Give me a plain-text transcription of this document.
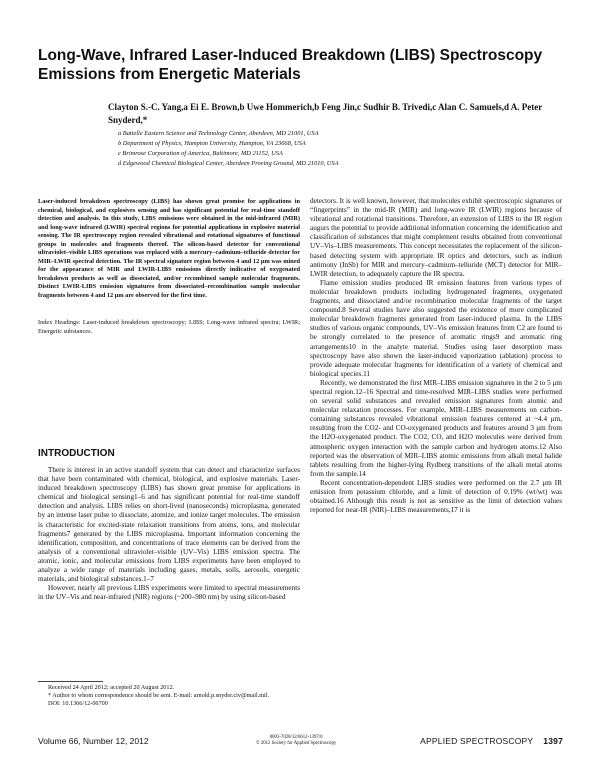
Long-Wave, Infrared Laser-Induced Breakdown (LIBS) Spectroscopy Emissions from Energetic Materials
Clayton S.-C. Yang,a Ei E. Brown,b Uwe Hommerich,b Feng Jin,c Sudhir B. Trivedi,c Alan C. Samuels,d A. Peter Snyderd,*
a Battelle Eastern Science and Technology Center, Aberdeen, MD 21001, USA
b Department of Physics, Hampton University, Hampton, VA 23668, USA
c Brimrose Corporation of America, Baltimore, MD 21152, USA
d Edgewood Chemical Biological Center, Aberdeen Proving Ground, MD 21010, USA
Laser-induced breakdown spectroscopy (LIBS) has shown great promise for applications in chemical, biological, and explosives sensing and has significant potential for real-time standoff detection and analysis. In this study, LIBS emissions were obtained in the mid-infrared (MIR) and long-wave infrared (LWIR) spectral regions for potential applications in explosive material sensing. The IR spectroscopy region revealed vibrational and rotational signatures of functional groups in molecules and fragments thereof. The silicon-based detector for conventional ultraviolet–visible LIBS operations was replaced with a mercury–cadmium–telluride detector for MIR–LWIR spectral detection. The IR spectral signature region between 4 and 12 μm was mined for the appearance of MIR and LWIR-LIBS emissions directly indicative of oxygenated breakdown products as well as dissociated, and/or recombined sample molecular fragments. Distinct LWIR-LIBS emission signatures from dissociated–recombination sample molecular fragments between 4 and 12 μm are observed for the first time.
Index Headings: Laser-induced breakdown spectroscopy; LIBS; Long-wave infrared spectra; LWIR; Energetic substances.
INTRODUCTION

There is interest in an active standoff system that can detect and characterize surfaces that have been contaminated with chemical, biological, and explosive materials. Laser-induced breakdown spectroscopy (LIBS) has shown great promise for applications in chemical and biological sensing1–6 and has significant potential for real-time standoff detection and analysis. LIBS relies on short-lived (nanoseconds) microplasma, generated by an intense laser pulse to dissociate, atomize, and ionize target molecules. The emission is characteristic for excited-state relaxation transitions from atoms, ions, and molecular fragments7 generated by the LIBS microplasma. Important information concerning the identification, composition, and concentrations of trace elements can be derived from the analysis of a conventional ultraviolet–visible (UV–Vis) LIBS emission spectra. The atomic, ionic, and molecular emissions from LIBS experiments have been employed to analyze a wide range of materials including gases, metals, soils, aerosols, energetic materials, and biological substances.1–7

However, nearly all previous LIBS experiments were limited to spectral measurements in the UV–Vis and near-infrared (NIR) regions (~200–980 nm) by using silicon-based

detectors. It is well known, however, that molecules exhibit spectroscopic signatures or “fingerprints” in the mid-IR (MIR) and long-wave IR (LWIR) regions because of vibrational and rotational transitions. Therefore, an extension of LIBS to the IR region augurs the potential to provide additional information concerning the identification and classification of substances that might complement results obtained from conventional UV–Vis–LIBS measurements. This concept necessitates the replacement of the silicon-based detecting system with appropriate IR optics and detectors, such as indium antimony (InSb) for MIR and mercury–cadmium–telluride (MCT) detector for MIR–LWIR detection, to adequately capture the IR spectra.

Flame emission studies produced IR emission features from various types of molecular breakdown products including hydrogenated fragments, oxygenated fragments, and dissociated and/or recombination molecular fragments of the target compound.8 Several studies have also suggested the existence of more complicated molecular breakdown fragments generated from laser-induced plasma. In the LIBS studies of various organic compounds, UV–Vis emission features from C2 are found to be strongly correlated to the presence of aromatic rings9 and aromatic ring arrangements10 in the analyte material. Studies using laser desorption mass spectroscopy have also shown the laser-induced vaporization (ablation) process to provide adequate molecular fragments for identification of a variety of chemical and biological species.11

Recently, we demonstrated the first MIR–LIBS emission signatures in the 2 to 5 μm spectral region.12–16 Spectral and time-resolved MIR–LIBS studies were performed on several solid substances and revealed emission signatures from atomic and molecular relaxation processes. For example, MIR–LIBS measurements on carbon-containing substances revealed vibrational emission features centered at ~4.4 μm, resulting from the CO2- and CO-oxygenated products and features around 3 μm from the H2O-oxygenated product. The CO2, CO, and H2O molecules were derived from atmospheric oxygen interaction with the sample carbon and hydrogen atoms.12 Also reported was the observation of MIR–LIBS atomic emissions from alkali metal halide tablets resulting from the higher-lying Rydberg transitions of the alkali metal atoms from the sample.14

Recent concentration-dependent LIBS studies were performed on the 2.7 μm IR emission from potassium chloride, and a limit of detection of 0.19% (wt/wt) was obtained.16 Although this result is not as sensitive as the limit of detection values reported for near-IR (NIR)–LIBS measurements,17 it is

Received 24 April 2012; accepted 20 August 2012.
* Author to whom correspondence should be sent. E-mail: arnold.p.snyder.civ@mail.mil.
DOI: 10.1366/12-06700
Volume 66, Number 12, 2012	0003-7028/12/6612-1397/0
© 2012 Society for Applied Spectroscopy	APPLIED SPECTROSCOPY 1397
